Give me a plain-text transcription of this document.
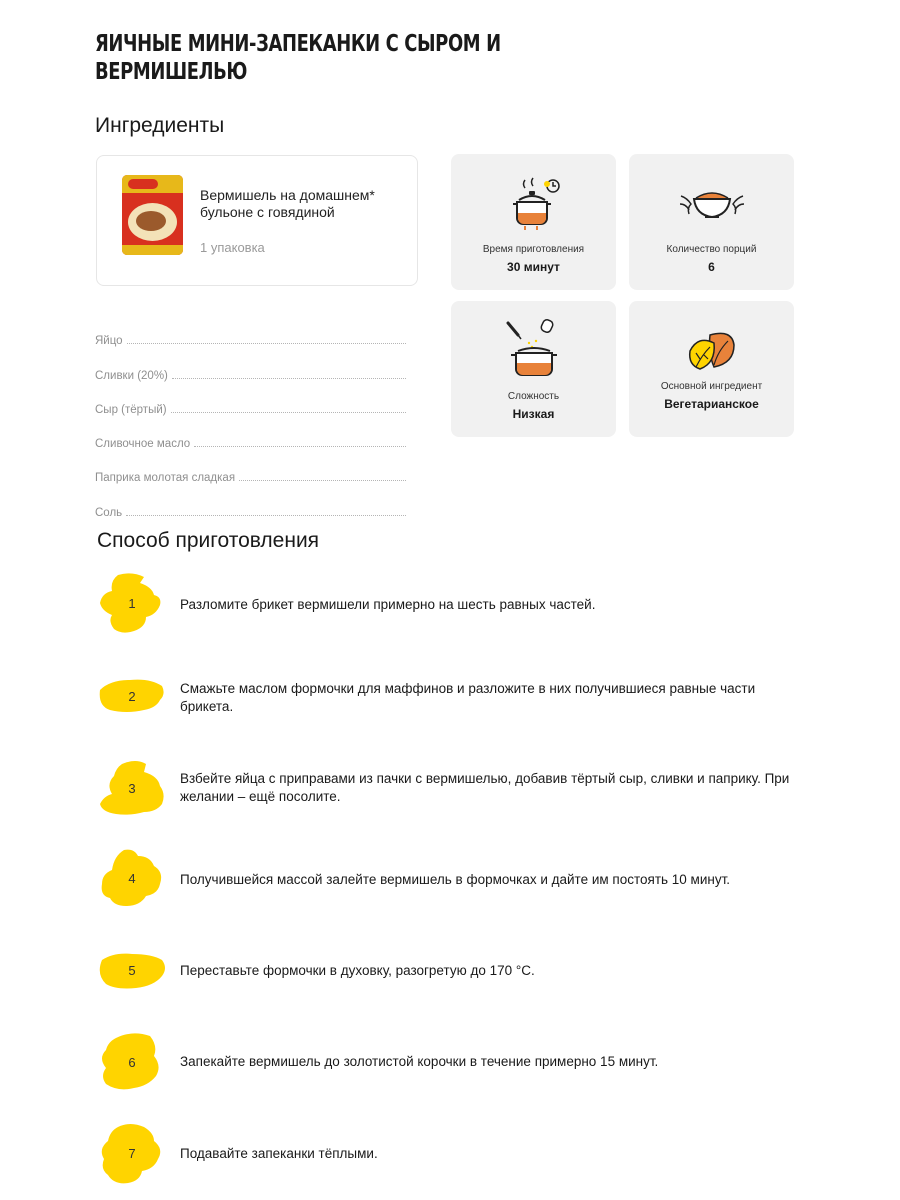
ЯИЧНЫЕ МИНИ-ЗАПЕКАНКИ С СЫРОМ И ВЕРМИШЕЛЬЮ
Ингредиенты
Вермишель на домашнем* бульоне с говядиной
1 упаковка
Яйцо
Сливки (20%)
Сыр (тёртый)
Сливочное масло
Паприка молотая сладкая
Соль
Время приготовления
30 минут
Количество порций
6
Сложность
Низкая
Основной ингредиент
Вегетарианское
Способ приготовления
1	Разломите брикет вермишели примерно на шесть равных частей.
2
Смажьте маслом формочки для маффинов и разложите в них получившиеся равные части брикета.
3
Взбейте яйца с приправами из пачки с вермишелью, добавив тёртый сыр, сливки и паприку. При желании – ещё посолите.
4	Получившейся массой залейте вермишель в формочках и дайте им постоять 10 минут.
5	Переставьте формочки в духовку, разогретую до 170 °С.
6	Запекайте вермишель до золотистой корочки в течение примерно 15 минут.
7	Подавайте запеканки тёплыми.
